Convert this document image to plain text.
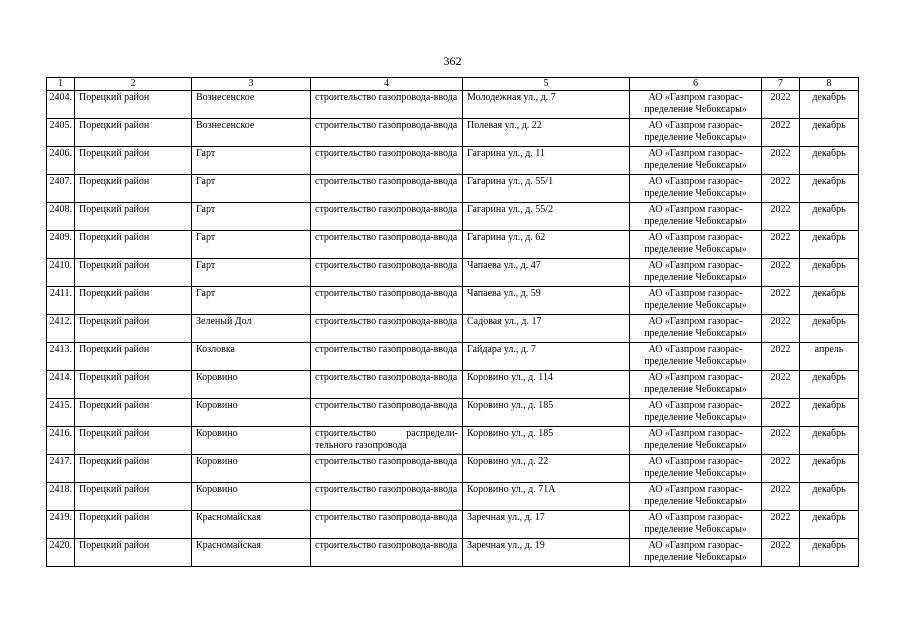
362
1	2	3	4	5	6	7	8
2404.	Порецкий район	Вознесенское	строительство газопровода-ввода	Молодежная ул., д. 7	АО «Газпром газорас-пределение Чебоксары»	2022	декабрь
2405.	Порецкий район	Вознесенское	строительство газопровода-ввода	Полевая ул., д. 22	АО «Газпром газорас-пределение Чебоксары»	2022	декабрь
2406.	Порецкий район	Гарт	строительство газопровода-ввода	Гагарина ул., д. 11	АО «Газпром газорас-пределение Чебоксары»	2022	декабрь
2407.	Порецкий район	Гарт	строительство газопровода-ввода	Гагарина ул., д. 55/1	АО «Газпром газорас-пределение Чебоксары»	2022	декабрь
2408.	Порецкий район	Гарт	строительство газопровода-ввода	Гагарина ул., д. 55/2	АО «Газпром газорас-пределение Чебоксары»	2022	декабрь
2409.	Порецкий район	Гарт	строительство газопровода-ввода	Гагарина ул., д. 62	АО «Газпром газорас-пределение Чебоксары»	2022	декабрь
2410.	Порецкий район	Гарт	строительство газопровода-ввода	Чапаева ул., д. 47	АО «Газпром газорас-пределение Чебоксары»	2022	декабрь
2411.	Порецкий район	Гарт	строительство газопровода-ввода	Чапаева ул., д. 59	АО «Газпром газорас-пределение Чебоксары»	2022	декабрь
2412.	Порецкий район	Зеленый Дол	строительство газопровода-ввода	Садовая ул., д. 17	АО «Газпром газорас-пределение Чебоксары»	2022	декабрь
2413.	Порецкий район	Козловка	строительство газопровода-ввода	Гайдара ул., д. 7	АО «Газпром газорас-пределение Чебоксары»	2022	апрель
2414.	Порецкий район	Коровино	строительство газопровода-ввода	Коровино ул., д. 114	АО «Газпром газорас-пределение Чебоксары»	2022	декабрь
2415.	Порецкий район	Коровино	строительство газопровода-ввода	Коровино ул., д. 185	АО «Газпром газорас-пределение Чебоксары»	2022	декабрь
2416.	Порецкий район	Коровино	строительство распредели-тельного газопровода	Коровино ул., д. 185	АО «Газпром газорас-пределение Чебоксары»	2022	декабрь
2417.	Порецкий район	Коровино	строительство газопровода-ввода	Коровино ул., д. 22	АО «Газпром газорас-пределение Чебоксары»	2022	декабрь
2418.	Порецкий район	Коровино	строительство газопровода-ввода	Коровино ул., д. 71А	АО «Газпром газорас-пределение Чебоксары»	2022	декабрь
2419.	Порецкий район	Красномайская	строительство газопровода-ввода	Заречная ул., д. 17	АО «Газпром газорас-пределение Чебоксары»	2022	декабрь
2420.	Порецкий район	Красномайская	строительство газопровода-ввода	Заречная ул., д. 19	АО «Газпром газорас-пределение Чебоксары»	2022	декабрь
